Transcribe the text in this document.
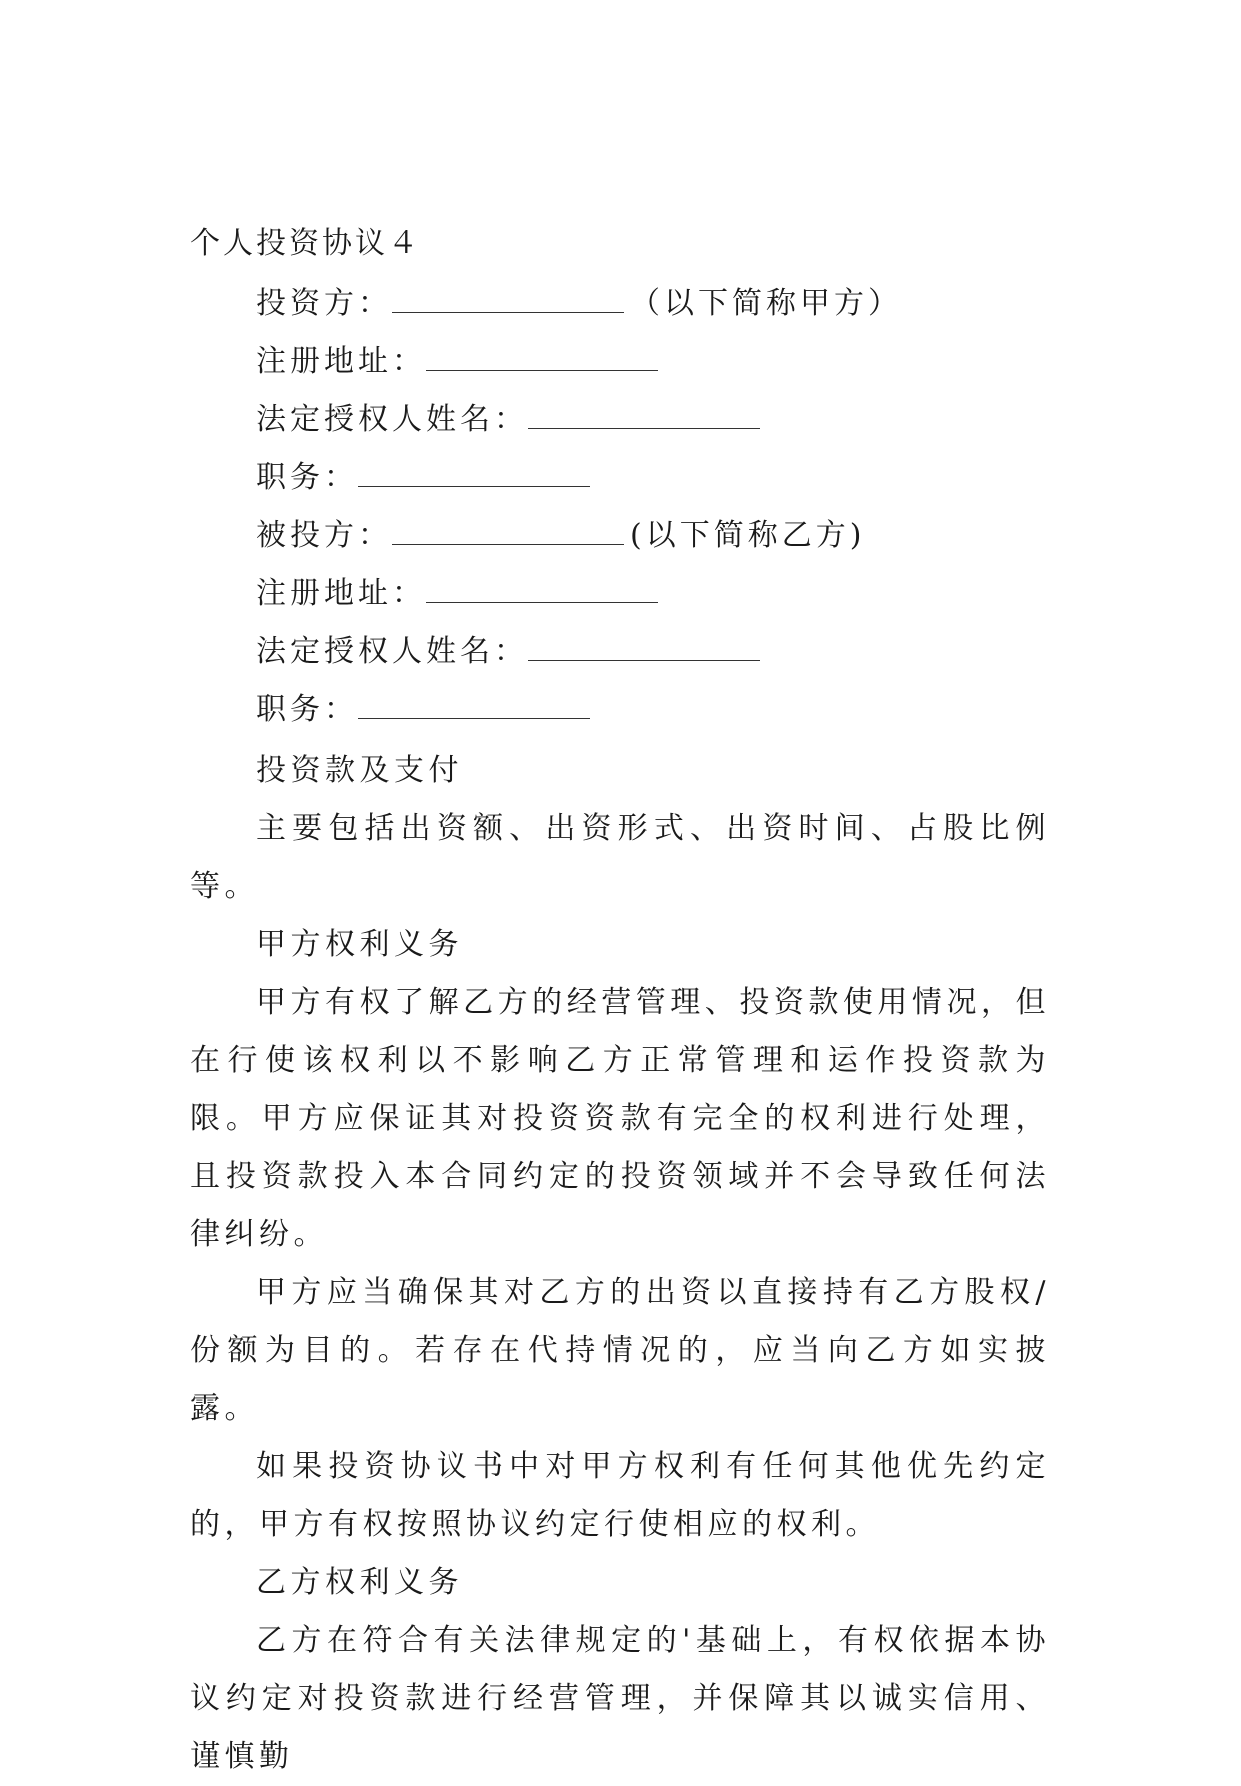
个人投资协议４
投资方：	（以下简称甲方）
注册地址：
法定授权人姓名：
职务：
被投方：	(以下简称乙方)
注册地址：
法定授权人姓名：
职务：

投资款及支付

主要包括出资额、出资形式、出资时间、占股比例等。

甲方权利义务

甲方有权了解乙方的经营管理、投资款使用情况，但在行使该权利以不影响乙方正常管理和运作投资款为限。甲方应保证其对投资资款有完全的权利进行处理，且投资款投入本合同约定的投资领域并不会导致任何法律纠纷。

甲方应当确保其对乙方的出资以直接持有乙方股权/份额为目的。若存在代持情况的，应当向乙方如实披露。

如果投资协议书中对甲方权利有任何其他优先约定的，甲方有权按照协议约定行使相应的权利。

乙方权利义务

乙方在符合有关法律规定的'基础上，有权依据本协议约定对投资款进行经营管理，并保障其以诚实信用、谨慎勤
